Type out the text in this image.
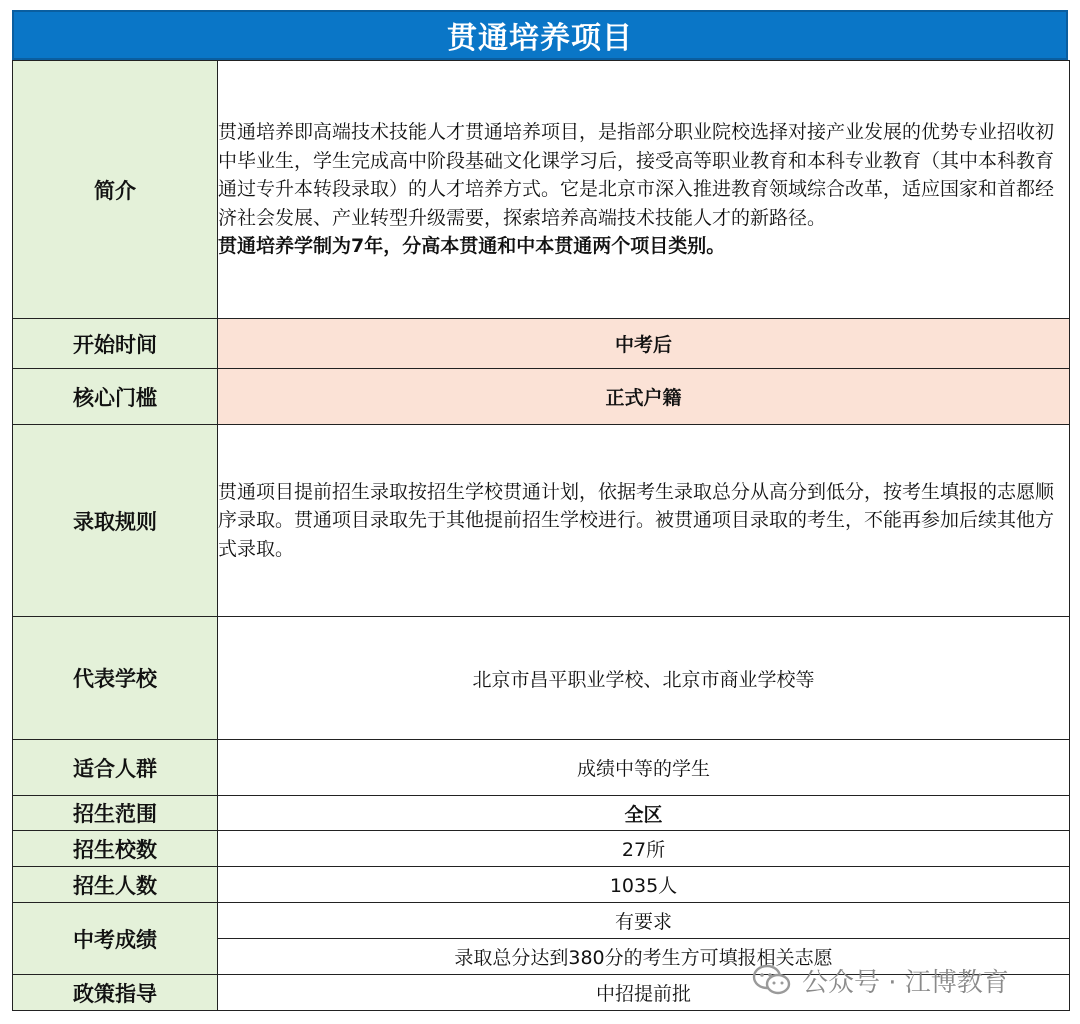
贯通培养项目
简介	贯通培养即高端技术技能人才贯通培养项目，是指部分职业院校选择对接产业发展的优势专业招收初中毕业生，学生完成高中阶段基础文化课学习后，接受高等职业教育和本科专业教育（其中本科教育通过专升本转段录取）的人才培养方式。它是北京市深入推进教育领域综合改革，适应国家和首都经济社会发展、产业转型升级需要，探索培养高端技术技能人才的新路径。
贯通培养学制为7年，分高本贯通和中本贯通两个项目类别。

开始时间	中考后
核心门槛	正式户籍
录取规则	贯通项目提前招生录取按招生学校贯通计划，依据考生录取总分从高分到低分，按考生填报的志愿顺序录取。贯通项目录取先于其他提前招生学校进行。被贯通项目录取的考生，不能再参加后续其他方式录取。
代表学校	北京市昌平职业学校、北京市商业学校等
适合人群	成绩中等的学生
招生范围	全区
招生校数	27所
招生人数	1035人
中考成绩	有要求
	录取总分达到380分的考生方可填报相关志愿
政策指导	中招提前批	公众号 · 江博教育
